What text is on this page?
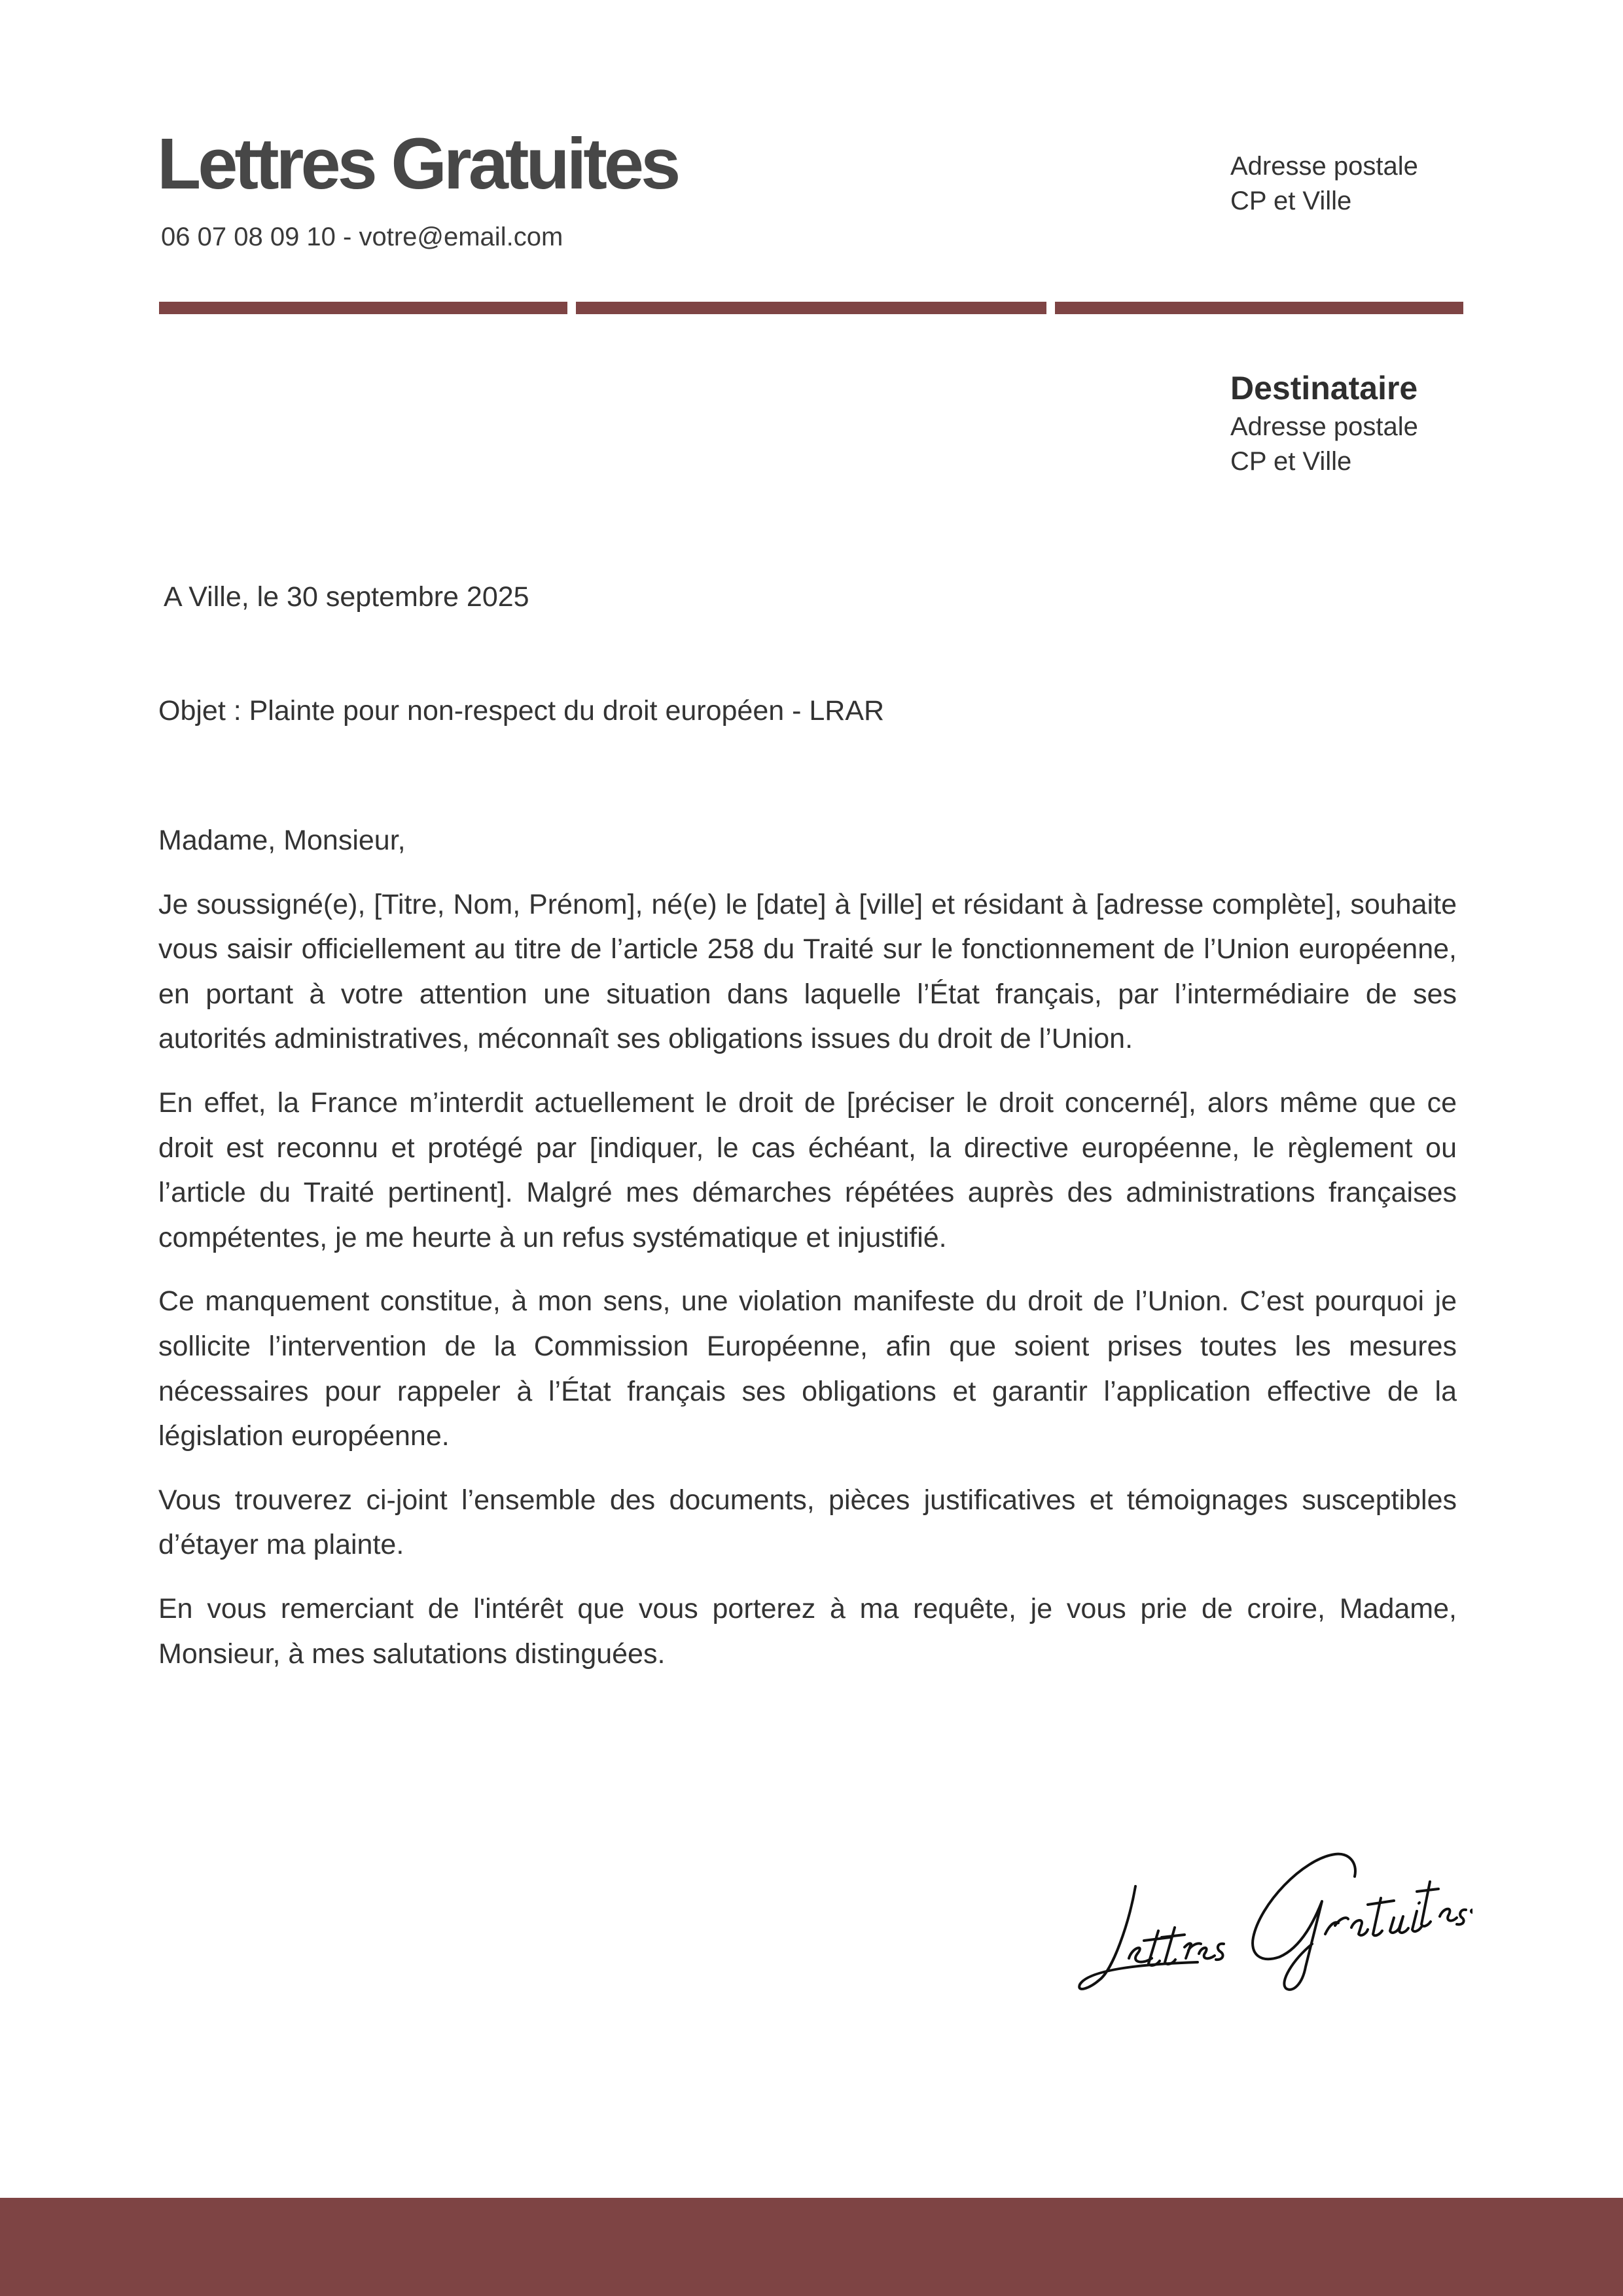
Lettres Gratuites
06 07 08 09 10 - votre@email.com
Adresse postale
CP et Ville
Destinataire
Adresse postale
CP et Ville
A Ville, le 30 septembre 2025
Objet : Plainte pour non-respect du droit européen - LRAR

Madame, Monsieur,

Je soussigné(e), [Titre, Nom, Prénom], né(e) le [date] à [ville] et résidant à [adresse complète], souhaite vous saisir officiellement au titre de l’article 258 du Traité sur le fonctionnement de l’Union européenne, en portant à votre attention une situation dans laquelle l’État français, par l’intermédiaire de ses autorités administratives, méconnaît ses obligations issues du droit de l’Union.

En effet, la France m’interdit actuellement le droit de [préciser le droit concerné], alors même que ce droit est reconnu et protégé par [indiquer, le cas échéant, la directive européenne, le règlement ou l’article du Traité pertinent]. Malgré mes démarches répétées auprès des administrations françaises compétentes, je me heurte à un refus systématique et injustifié.

Ce manquement constitue, à mon sens, une violation manifeste du droit de l’Union. C’est pourquoi je sollicite l’intervention de la Commission Européenne, afin que soient prises toutes les mesures nécessaires pour rappeler à l’État français ses obligations et garantir l’application effective de la législation européenne.

Vous trouverez ci-joint l’ensemble des documents, pièces justificatives et témoignages susceptibles d’étayer ma plainte.

En vous remerciant de l'intérêt que vous porterez à ma requête, je vous prie de croire, Madame, Monsieur, à mes salutations distinguées.
